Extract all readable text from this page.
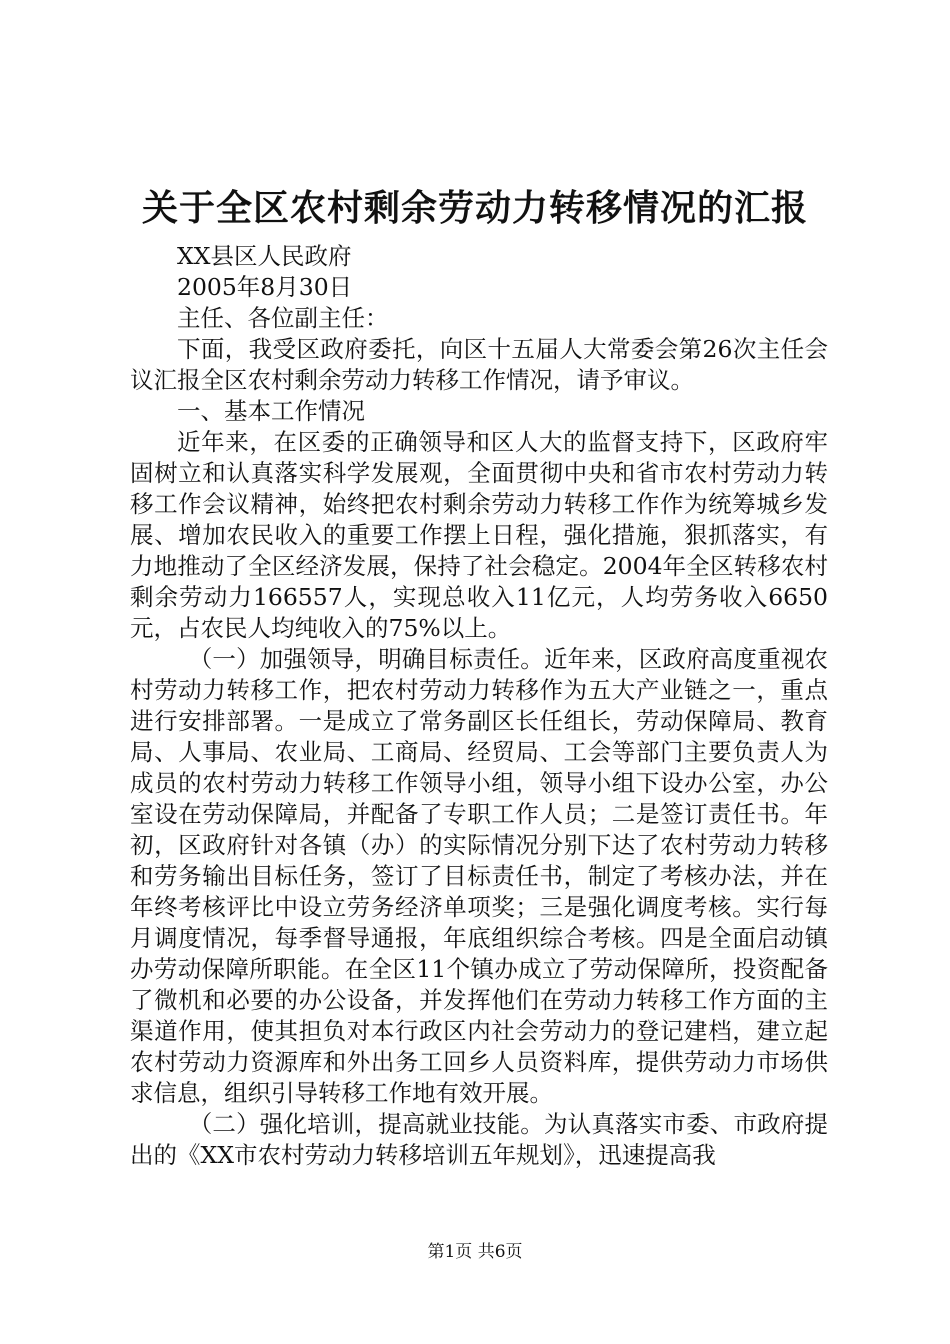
关于全区农村剩余劳动力转移情况的汇报

XX县区人民政府

2005年8月30日

主任、各位副主任：

下面，我受区政府委托，向区十五届人大常委会第26次主任会议汇报全区农村剩余劳动力转移工作情况，请予审议。

一、基本工作情况

近年来，在区委的正确领导和区人大的监督支持下，区政府牢固树立和认真落实科学发展观，全面贯彻中央和省市农村劳动力转移工作会议精神，始终把农村剩余劳动力转移工作作为统筹城乡发展、增加农民收入的重要工作摆上日程，强化措施，狠抓落实，有力地推动了全区经济发展，保持了社会稳定。2004年全区转移农村剩余劳动力166557人，实现总收入11亿元，人均劳务收入6650元，占农民人均纯收入的75%以上。

（一）加强领导，明确目标责任。近年来，区政府高度重视农村劳动力转移工作，把农村劳动力转移作为五大产业链之一，重点进行安排部署。一是成立了常务副区长任组长，劳动保障局、教育局、人事局、农业局、工商局、经贸局、工会等部门主要负责人为成员的农村劳动力转移工作领导小组，领导小组下设办公室，办公室设在劳动保障局，并配备了专职工作人员；二是签订责任书。年初，区政府针对各镇（办）的实际情况分别下达了农村劳动力转移和劳务输出目标任务，签订了目标责任书，制定了考核办法，并在年终考核评比中设立劳务经济单项奖；三是强化调度考核。实行每月调度情况，每季督导通报，年底组织综合考核。四是全面启动镇办劳动保障所职能。在全区11个镇办成立了劳动保障所，投资配备了微机和必要的办公设备，并发挥他们在劳动力转移工作方面的主渠道作用，使其担负对本行政区内社会劳动力的登记建档，建立起农村劳动力资源库和外出务工回乡人员资料库，提供劳动力市场供求信息，组织引导转移工作地有效开展。

（二）强化培训，提高就业技能。为认真落实市委、市政府提出的《XX市农村劳动力转移培训五年规划》，迅速提高我

第1页 共6页
